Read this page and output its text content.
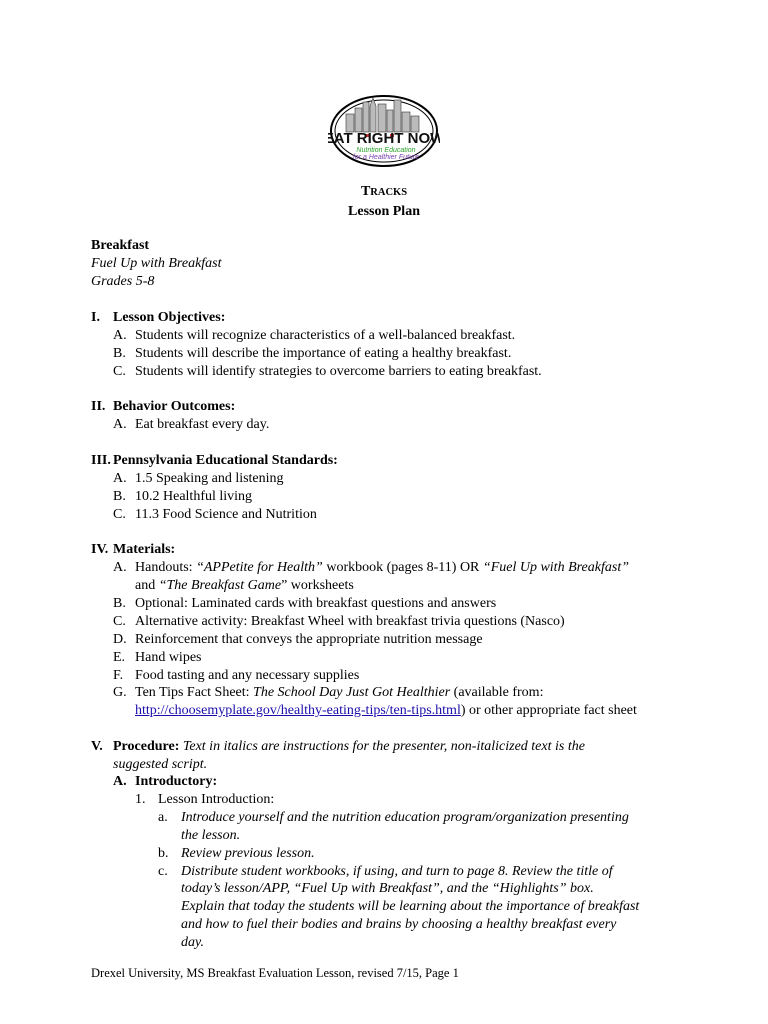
EAT RIGHT NOW
Nutrition Education
for a Healthier Future
TRACKS
Lesson Plan
Breakfast
Fuel Up with Breakfast
Grades 5-8
I. Lesson Objectives:
A. Students will recognize characteristics of a well-balanced breakfast.
B. Students will describe the importance of eating a healthy breakfast.
C. Students will identify strategies to overcome barriers to eating breakfast.
II. Behavior Outcomes:
A. Eat breakfast every day.
III. Pennsylvania Educational Standards:
A. 1.5 Speaking and listening
B. 10.2 Healthful living
C. 11.3 Food Science and Nutrition
IV. Materials:
A. Handouts: “APPetite for Health” workbook (pages 8-11) OR “Fuel Up with Breakfast”
and “The Breakfast Game” worksheets
B. Optional: Laminated cards with breakfast questions and answers
C. Alternative activity: Breakfast Wheel with breakfast trivia questions (Nasco)
D. Reinforcement that conveys the appropriate nutrition message
E. Hand wipes
F. Food tasting and any necessary supplies
G. Ten Tips Fact Sheet: The School Day Just Got Healthier (available from:
http://choosemyplate.gov/healthy-eating-tips/ten-tips.html) or other appropriate fact sheet
V. Procedure: Text in italics are instructions for the presenter, non-italicized text is the
suggested script.
A. Introductory:
1. Lesson Introduction:
a. Introduce yourself and the nutrition education program/organization presenting
the lesson.
b. Review previous lesson.
c. Distribute student workbooks, if using, and turn to page 8. Review the title of
today’s lesson/APP, “Fuel Up with Breakfast”, and the “Highlights” box.
Explain that today the students will be learning about the importance of breakfast
and how to fuel their bodies and brains by choosing a healthy breakfast every
day.
Drexel University, MS Breakfast Evaluation Lesson, revised 7/15, Page 1
